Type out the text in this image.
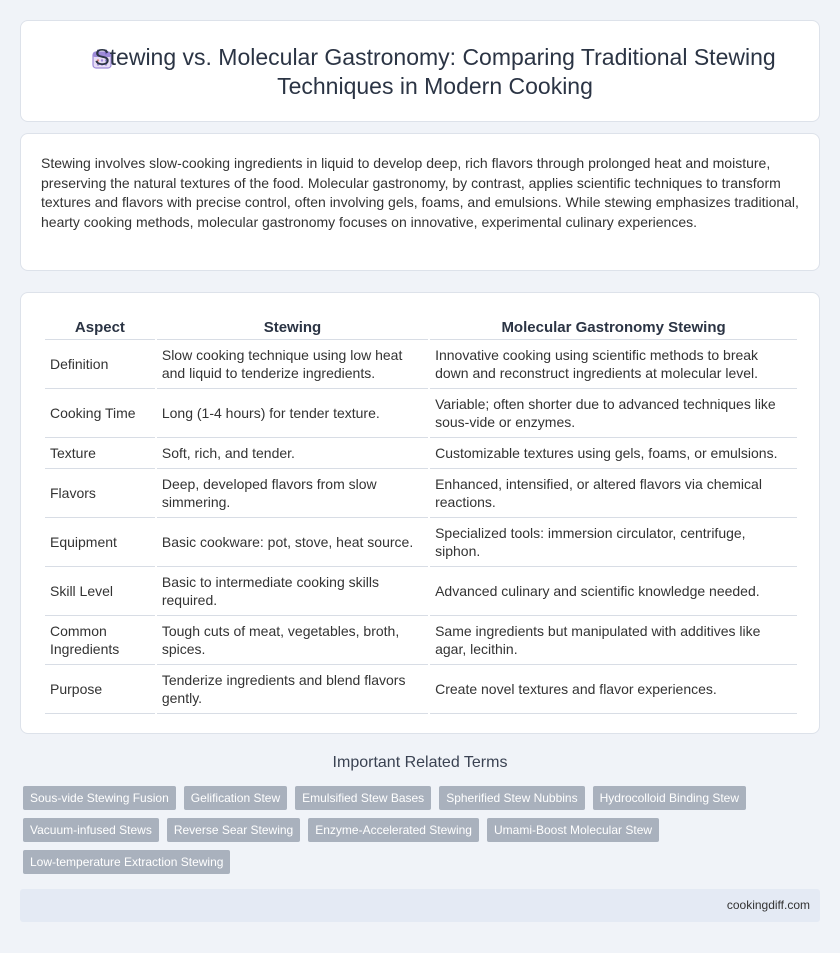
Stewing vs. Molecular Gastronomy: Comparing Traditional Stewing Techniques in Modern Cooking

Stewing involves slow-cooking ingredients in liquid to develop deep, rich flavors through prolonged heat and moisture, preserving the natural textures of the food. Molecular gastronomy, by contrast, applies scientific techniques to transform textures and flavors with precise control, often involving gels, foams, and emulsions. While stewing emphasizes traditional, hearty cooking methods, molecular gastronomy focuses on innovative, experimental culinary experiences.

Aspect	Stewing	Molecular Gastronomy Stewing
Definition	Slow cooking technique using low heat and liquid to tenderize ingredients.	Innovative cooking using scientific methods to break down and reconstruct ingredients at molecular level.
Cooking Time	Long (1-4 hours) for tender texture.	Variable; often shorter due to advanced techniques like sous-vide or enzymes.
Texture	Soft, rich, and tender.	Customizable textures using gels, foams, or emulsions.
Flavors	Deep, developed flavors from slow simmering.	Enhanced, intensified, or altered flavors via chemical reactions.
Equipment	Basic cookware: pot, stove, heat source.	Specialized tools: immersion circulator, centrifuge, siphon.
Skill Level	Basic to intermediate cooking skills required.	Advanced culinary and scientific knowledge needed.
Common Ingredients	Tough cuts of meat, vegetables, broth, spices.	Same ingredients but manipulated with additives like agar, lecithin.
Purpose	Tenderize ingredients and blend flavors gently.	Create novel textures and flavor experiences.
Important Related Terms
Sous-vide Stewing Fusion	Gelification Stew	Emulsified Stew Bases	Spherified Stew Nubbins	Hydrocolloid Binding Stew
Vacuum-infused Stews	Reverse Sear Stewing	Enzyme-Accelerated Stewing	Umami-Boost Molecular Stew
Low-temperature Extraction Stewing
cookingdiff.com
